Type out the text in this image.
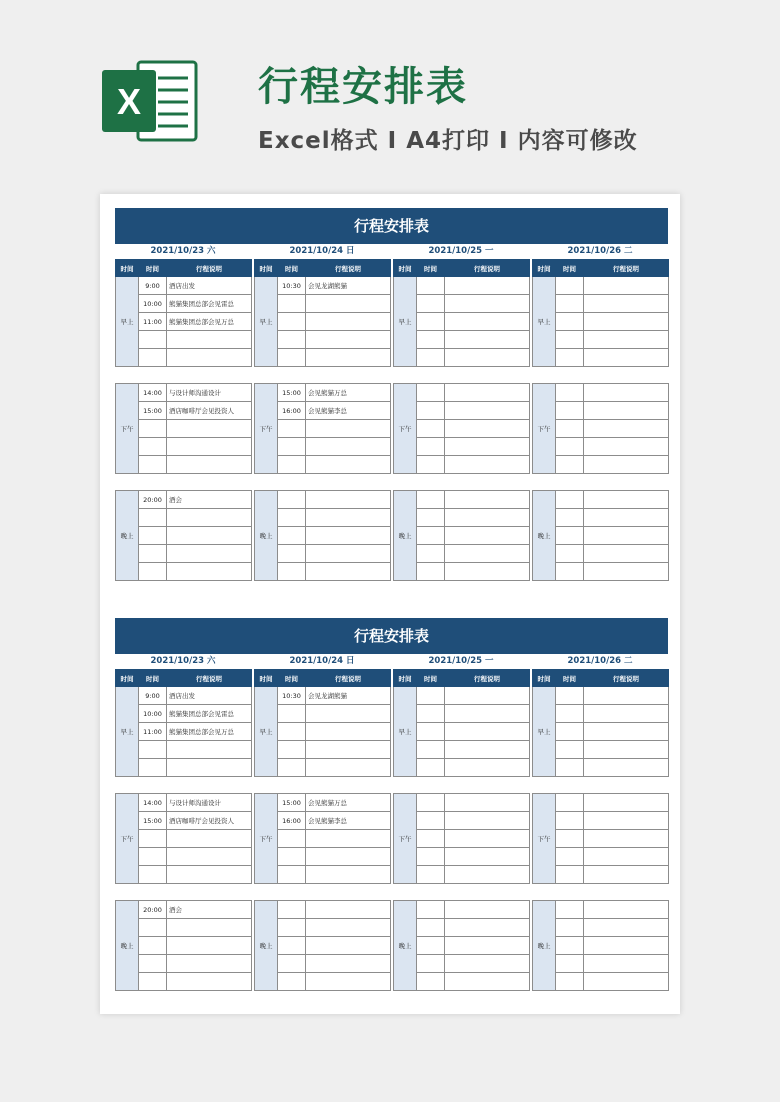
X	行程安排表
Excel格式 I A4打印 I 内容可修改
行程安排表
2021/10/23 六
时间	时间	行程说明
早上	9:00	酒店出发
	10:00	熊猫集团总部会见雷总
	11:00	熊猫集团总部会见万总

下午	14:00	与设计师沟通设计
	15:00	酒店咖啡厅会见投资人

晚上	20:00	酒会

2021/10/24 日
时间	时间	行程说明
早上	10:30	会见龙湖熊猫

下午	15:00	会见熊猫万总
	16:00	会见熊猫李总

晚上		

2021/10/25 一
时间	时间	行程说明
早上		

下午		

晚上		

2021/10/26 二
时间	时间	行程说明
早上		

下午		

晚上		

行程安排表
2021/10/23 六
时间	时间	行程说明
早上	9:00	酒店出发
	10:00	熊猫集团总部会见雷总
	11:00	熊猫集团总部会见万总

下午	14:00	与设计师沟通设计
	15:00	酒店咖啡厅会见投资人

晚上	20:00	酒会

2021/10/24 日
时间	时间	行程说明
早上	10:30	会见龙湖熊猫

下午	15:00	会见熊猫万总
	16:00	会见熊猫李总

晚上		

2021/10/25 一
时间	时间	行程说明
早上		

下午		

晚上		

2021/10/26 二
时间	时间	行程说明
早上		

下午		

晚上		
